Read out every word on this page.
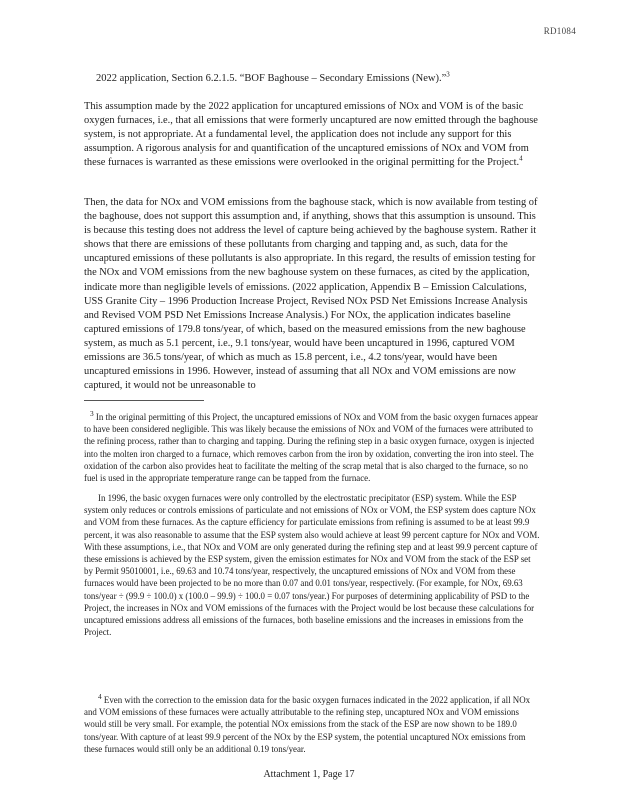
RD1084
2022 application, Section 6.2.1.5. “BOF Baghouse – Secondary Emissions (New).”$^3$

This assumption made by the 2022 application for uncaptured emissions of NOx and VOM is of the basic oxygen furnaces, i.e., that all emissions that were formerly uncaptured are now emitted through the baghouse system, is not appropriate. At a fundamental level, the application does not include any support for this assumption. A rigorous analysis for and quantification of the uncaptured emissions of NOx and VOM from these furnaces is warranted as these emissions were overlooked in the original permitting for the Project.$^4$

Then, the data for NOx and VOM emissions from the baghouse stack, which is now available from testing of the baghouse, does not support this assumption and, if anything, shows that this assumption is unsound. This is because this testing does not address the level of capture being achieved by the baghouse system. Rather it shows that there are emissions of these pollutants from charging and tapping and, as such, data for the uncaptured emissions of these pollutants is also appropriate. In this regard, the results of emission testing for the NOx and VOM emissions from the new baghouse system on these furnaces, as cited by the application, indicate more than negligible levels of emissions. (2022 application, Appendix B – Emission Calculations, USS Granite City – 1996 Production Increase Project, Revised NOx PSD Net Emissions Increase Analysis and Revised VOM PSD Net Emissions Increase Analysis.) For NOx, the application indicates baseline captured emissions of 179.8 tons/year, of which, based on the measured emissions from the new baghouse system, as much as 5.1 percent, i.e., 9.1 tons/year, would have been uncaptured in 1996, captured VOM emissions are 36.5 tons/year, of which as much as 15.8 percent, i.e., 4.2 tons/year, would have been uncaptured emissions in 1996. However, instead of assuming that all NOx and VOM emissions are now captured, it would not be unreasonable to

$^3$ In the original permitting of this Project, the uncaptured emissions of NOx and VOM from the basic oxygen furnaces appear to have been considered negligible. This was likely because the emissions of NOx and VOM of the furnaces were attributed to the refining process, rather than to charging and tapping. During the refining step in a basic oxygen furnace, oxygen is injected into the molten iron charged to a furnace, which removes carbon from the iron by oxidation, converting the iron into steel. The oxidation of the carbon also provides heat to facilitate the melting of the scrap metal that is also charged to the furnace, so no fuel is used in the appropriate temperature range can be tapped from the furnace.

In 1996, the basic oxygen furnaces were only controlled by the electrostatic precipitator (ESP) system. While the ESP system only reduces or controls emissions of particulate and not emissions of NOx or VOM, the ESP system does capture NOx and VOM from these furnaces. As the capture efficiency for particulate emissions from refining is assumed to be at least 99.9 percent, it was also reasonable to assume that the ESP system also would achieve at least 99 percent capture for NOx and VOM. With these assumptions, i.e., that NOx and VOM are only generated during the refining step and at least 99.9 percent capture of these emissions is achieved by the ESP system, given the emission estimates for NOx and VOM from the stack of the ESP set by Permit 95010001, i.e., 69.63 and 10.74 tons/year, respectively, the uncaptured emissions of NOx and VOM from these furnaces would have been projected to be no more than 0.07 and 0.01 tons/year, respectively. (For example, for NOx, 69.63 tons/year ÷ (99.9 ÷ 100.0) x (100.0 – 99.9) ÷ 100.0 = 0.07 tons/year.) For purposes of determining applicability of PSD to the Project, the increases in NOx and VOM emissions of the furnaces with the Project would be lost because these calculations for uncaptured emissions address all emissions of the furnaces, both baseline emissions and the increases in emissions from the Project.

$^4$ Even with the correction to the emission data for the basic oxygen furnaces indicated in the 2022 application, if all NOx and VOM emissions of these furnaces were actually attributable to the refining step, uncaptured NOx and VOM emissions would still be very small. For example, the potential NOx emissions from the stack of the ESP are now shown to be 189.0 tons/year. With capture of at least 99.9 percent of the NOx by the ESP system, the potential uncaptured NOx emissions from these furnaces would still only be an additional 0.19 tons/year.

Attachment 1, Page 17
